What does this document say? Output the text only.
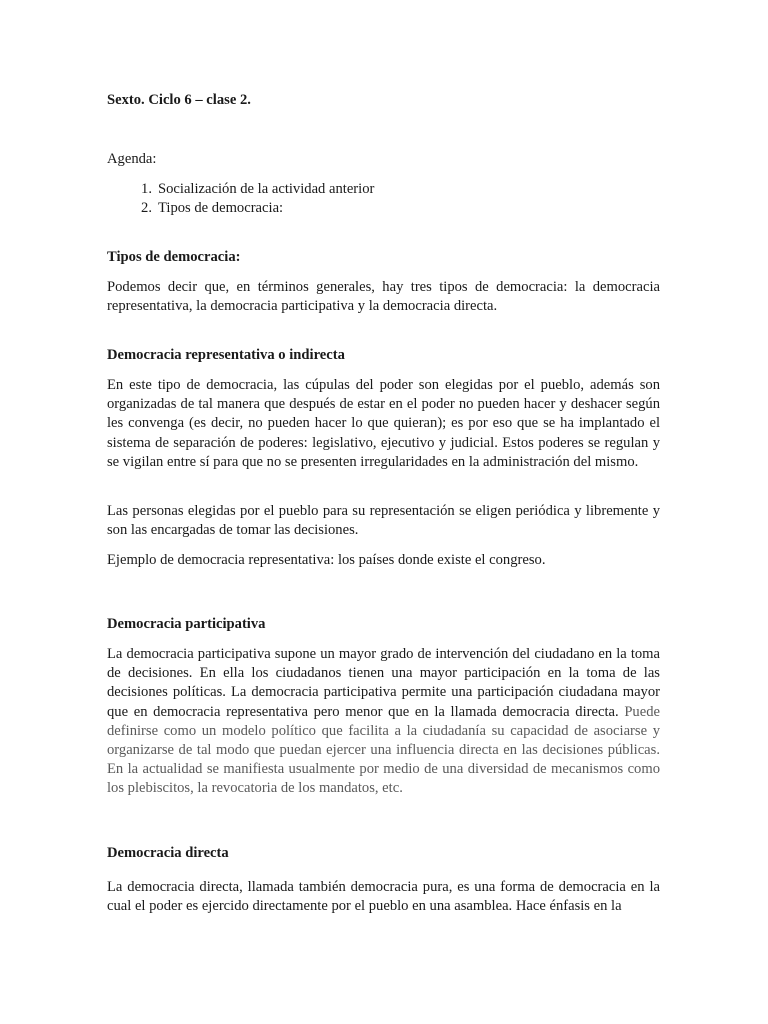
Sexto. Ciclo 6 – clase 2.

Agenda:

1 . Socialización de la actividad anterior
2 . Tipos de democracia:

Tipos de democracia:

Podemos decir que, en términos generales, hay tres tipos de democracia: la democracia representativa, la democracia participativa y la democracia directa.

Democracia representativa o indirecta

En este tipo de democracia, las cúpulas del poder son elegidas por el pueblo, además son organizadas de tal manera que después de estar en el poder no pueden hacer y deshacer según les convenga (es decir, no pueden hacer lo que quieran); es por eso que se ha implantado el sistema de separación de poderes: legislativo, ejecutivo y judicial. Estos poderes se regulan y se vigilan entre sí para que no se presenten irregularidades en la administración del mismo.

Las personas elegidas por el pueblo para su representación se eligen periódica y libremente y son las encargadas de tomar las decisiones.

Ejemplo de democracia representativa: los países donde existe el congreso.

Democracia participativa

La democracia participativa supone un mayor grado de intervención del ciudadano en la toma de decisiones. En ella los ciudadanos tienen una mayor participación en la toma de las decisiones políticas. La democracia participativa permite una participación ciudadana mayor que en democracia representativa pero menor que en la llamada democracia directa. Puede definirse como un modelo político que facilita a la ciudadanía su capacidad de asociarse y organizarse de tal modo que puedan ejercer una influencia directa en las decisiones públicas. En la actualidad se manifiesta usualmente por medio de una diversidad de mecanismos como los plebiscitos, la revocatoria de los mandatos, etc.

Democracia directa

La democracia directa, llamada también democracia pura, es una forma de democracia en la cual el poder es ejercido directamente por el pueblo en una asamblea. Hace énfasis en la
